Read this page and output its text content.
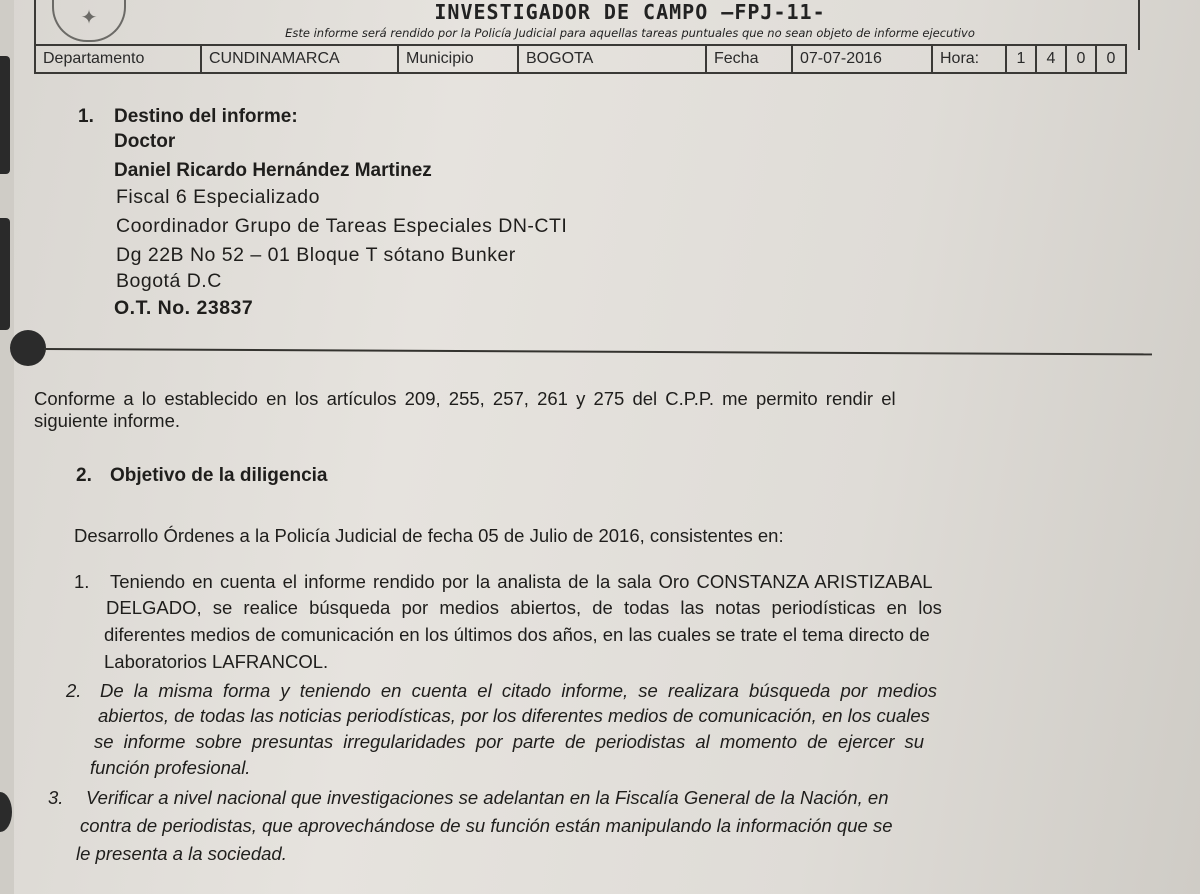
✦	INVESTIGADOR DE CAMPO –FPJ-11-
Este informe será rendido por la Policía Judicial para aquellas tareas puntuales que no sean objeto de informe ejecutivo
Departamento	CUNDINAMARCA	Municipio	BOGOTA	Fecha	07-07-2016	Hora:	1	4	0	0
1. Destino del informe:
Doctor
Daniel Ricardo Hernández Martinez
Fiscal 6 Especializado
Coordinador Grupo de Tareas Especiales DN-CTI
Dg 22B No 52 – 01 Bloque T sótano Bunker
Bogotá D.C
O.T. No. 23837
Conforme a lo establecido en los artículos 209, 255, 257, 261 y 275 del C.P.P. me permito rendir el
siguiente informe.
2. Objetivo de la diligencia
Desarrollo Órdenes a la Policía Judicial de fecha 05 de Julio de 2016, consistentes en:
1. Teniendo en cuenta el informe rendido por la analista de la sala Oro CONSTANZA ARISTIZABAL
DELGADO, se realice búsqueda por medios abiertos, de todas las notas periodísticas en los
diferentes medios de comunicación en los últimos dos años, en las cuales se trate el tema directo de
Laboratorios LAFRANCOL.
2. De la misma forma y teniendo en cuenta el citado informe, se realizara búsqueda por medios
abiertos, de todas las noticias periodísticas, por los diferentes medios de comunicación, en los cuales
se informe sobre presuntas irregularidades por parte de periodistas al momento de ejercer su
función profesional.
3. Verificar a nivel nacional que investigaciones se adelantan en la Fiscalía General de la Nación, en
contra de periodistas, que aprovechándose de su función están manipulando la información que se
le presenta a la sociedad.
